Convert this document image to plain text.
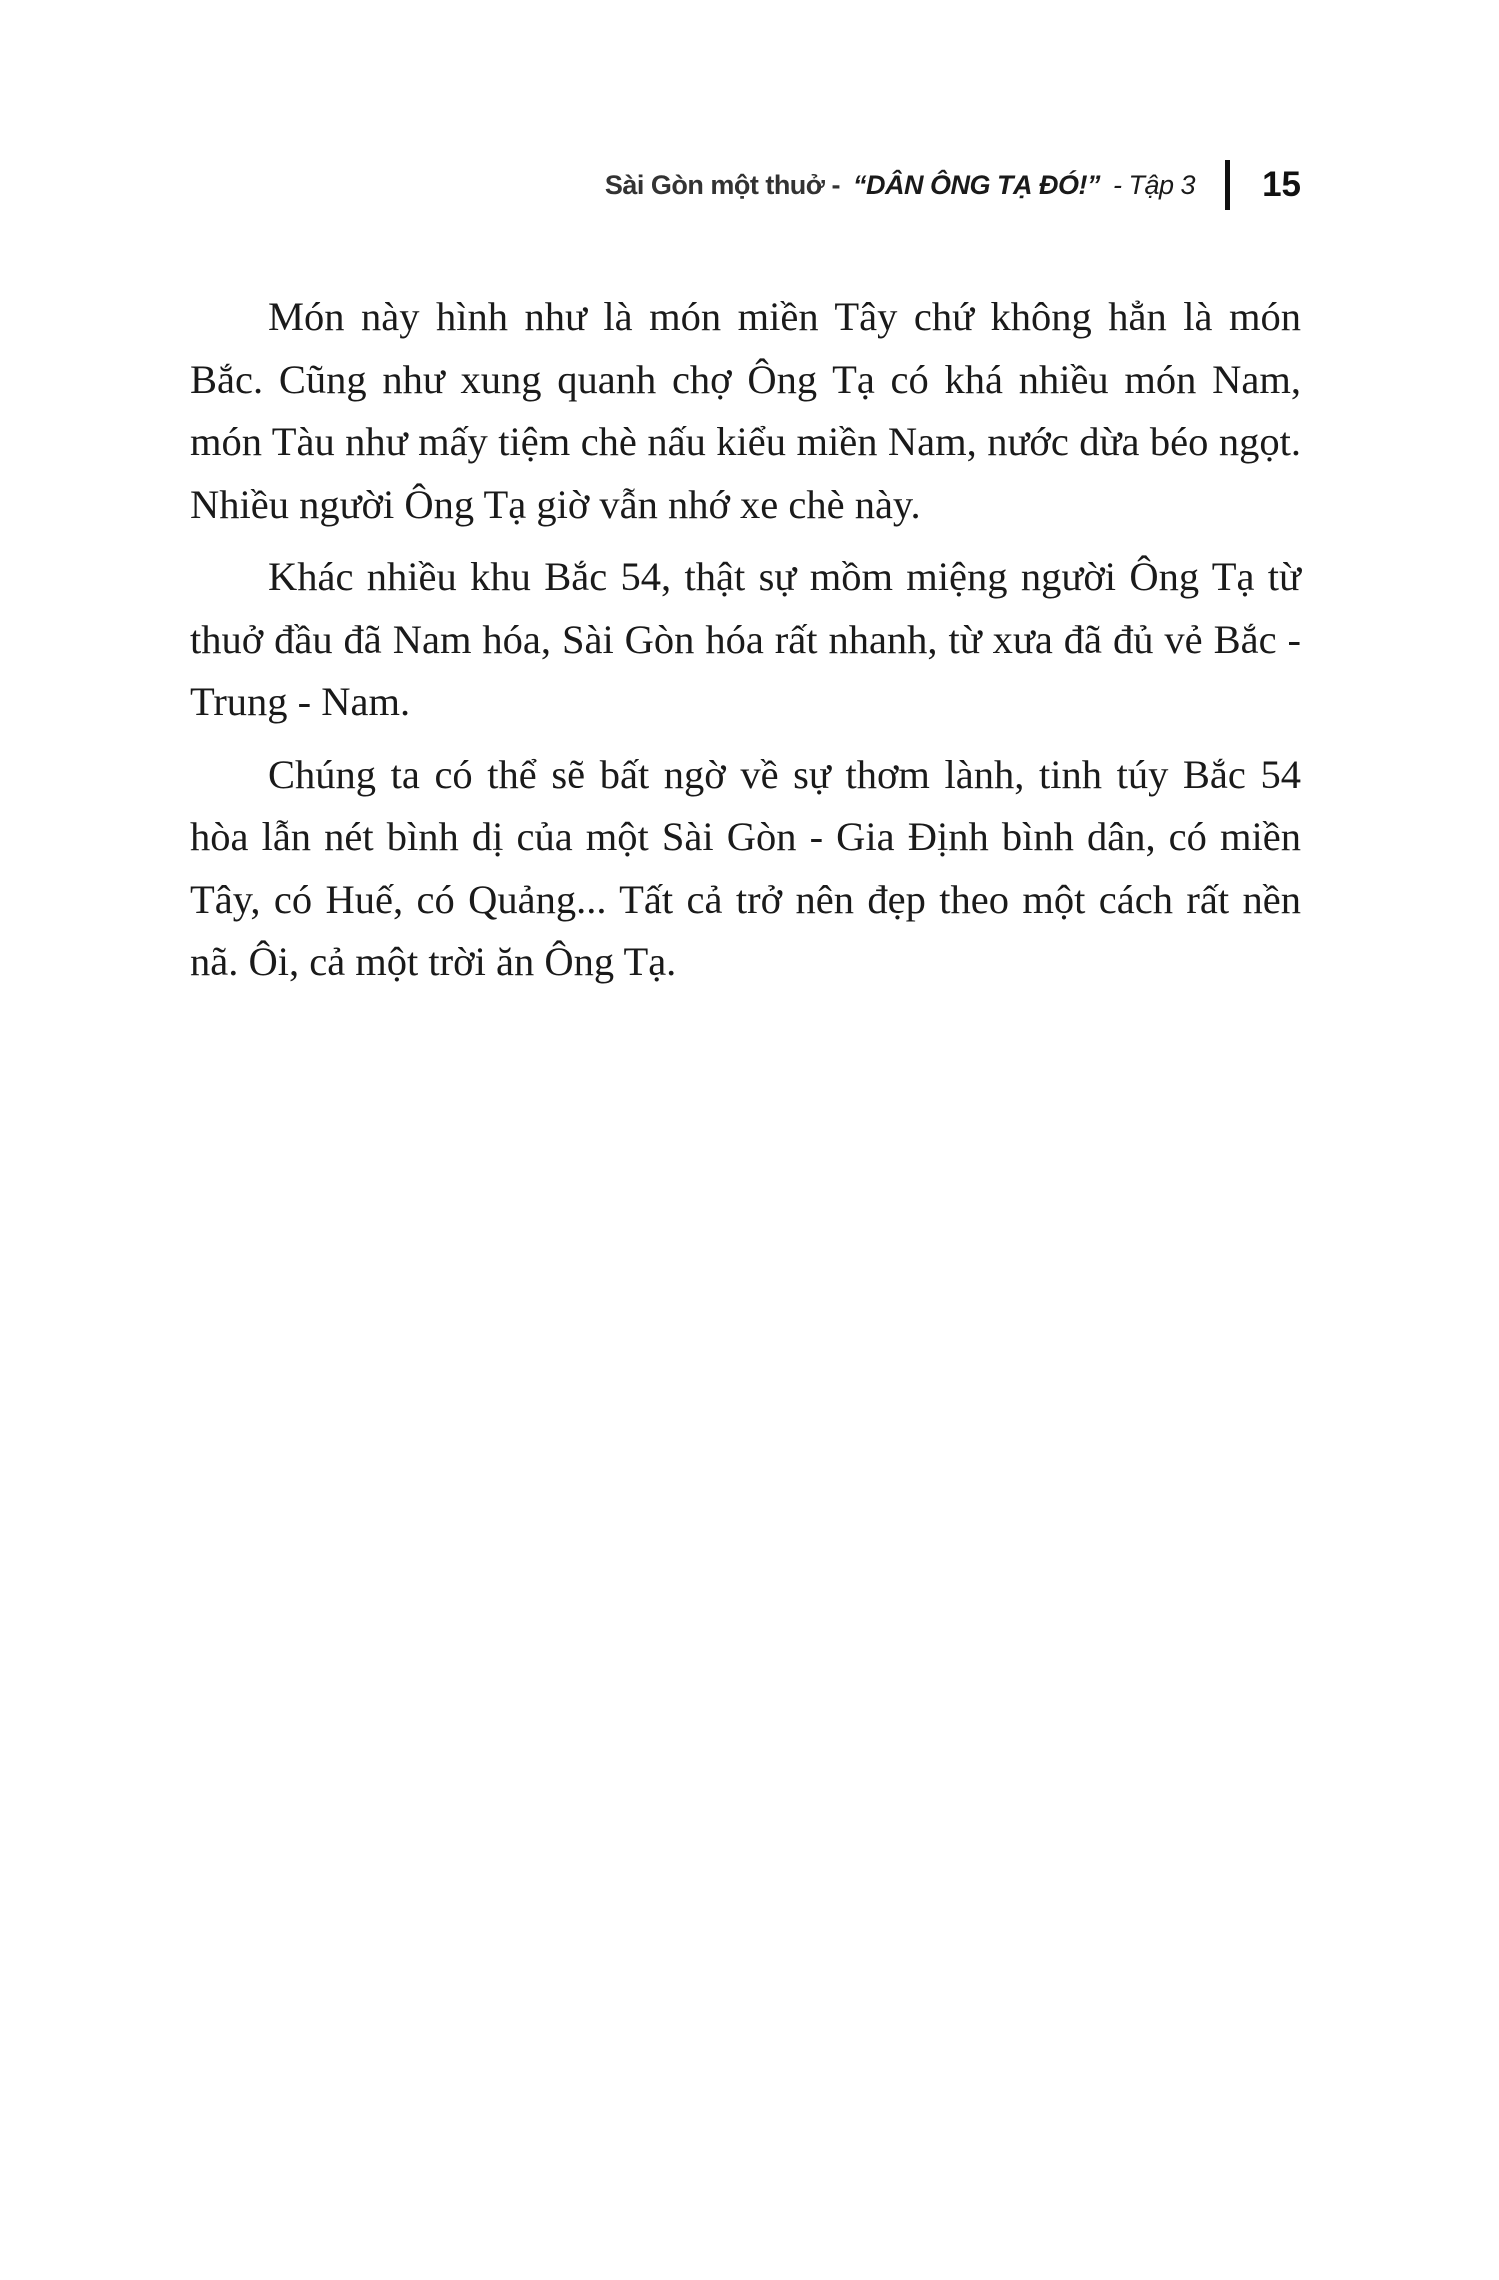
Sài Gòn một thuở - “DÂN ÔNG TẠ ĐÓ!” - Tập 3 15

Món này hình như là món miền Tây chứ không hẳn là món Bắc. Cũng như xung quanh chợ Ông Tạ có khá nhiều món Nam, món Tàu như mấy tiệm chè nấu kiểu miền Nam, nước dừa béo ngọt. Nhiều người Ông Tạ giờ vẫn nhớ xe chè này.

Khác nhiều khu Bắc 54, thật sự mồm miệng người Ông Tạ từ thuở đầu đã Nam hóa, Sài Gòn hóa rất nhanh, từ xưa đã đủ vẻ Bắc - Trung - Nam.

Chúng ta có thể sẽ bất ngờ về sự thơm lành, tinh túy Bắc 54 hòa lẫn nét bình dị của một Sài Gòn - Gia Định bình dân, có miền Tây, có Huế, có Quảng... Tất cả trở nên đẹp theo một cách rất nền nã. Ôi, cả một trời ăn Ông Tạ.
